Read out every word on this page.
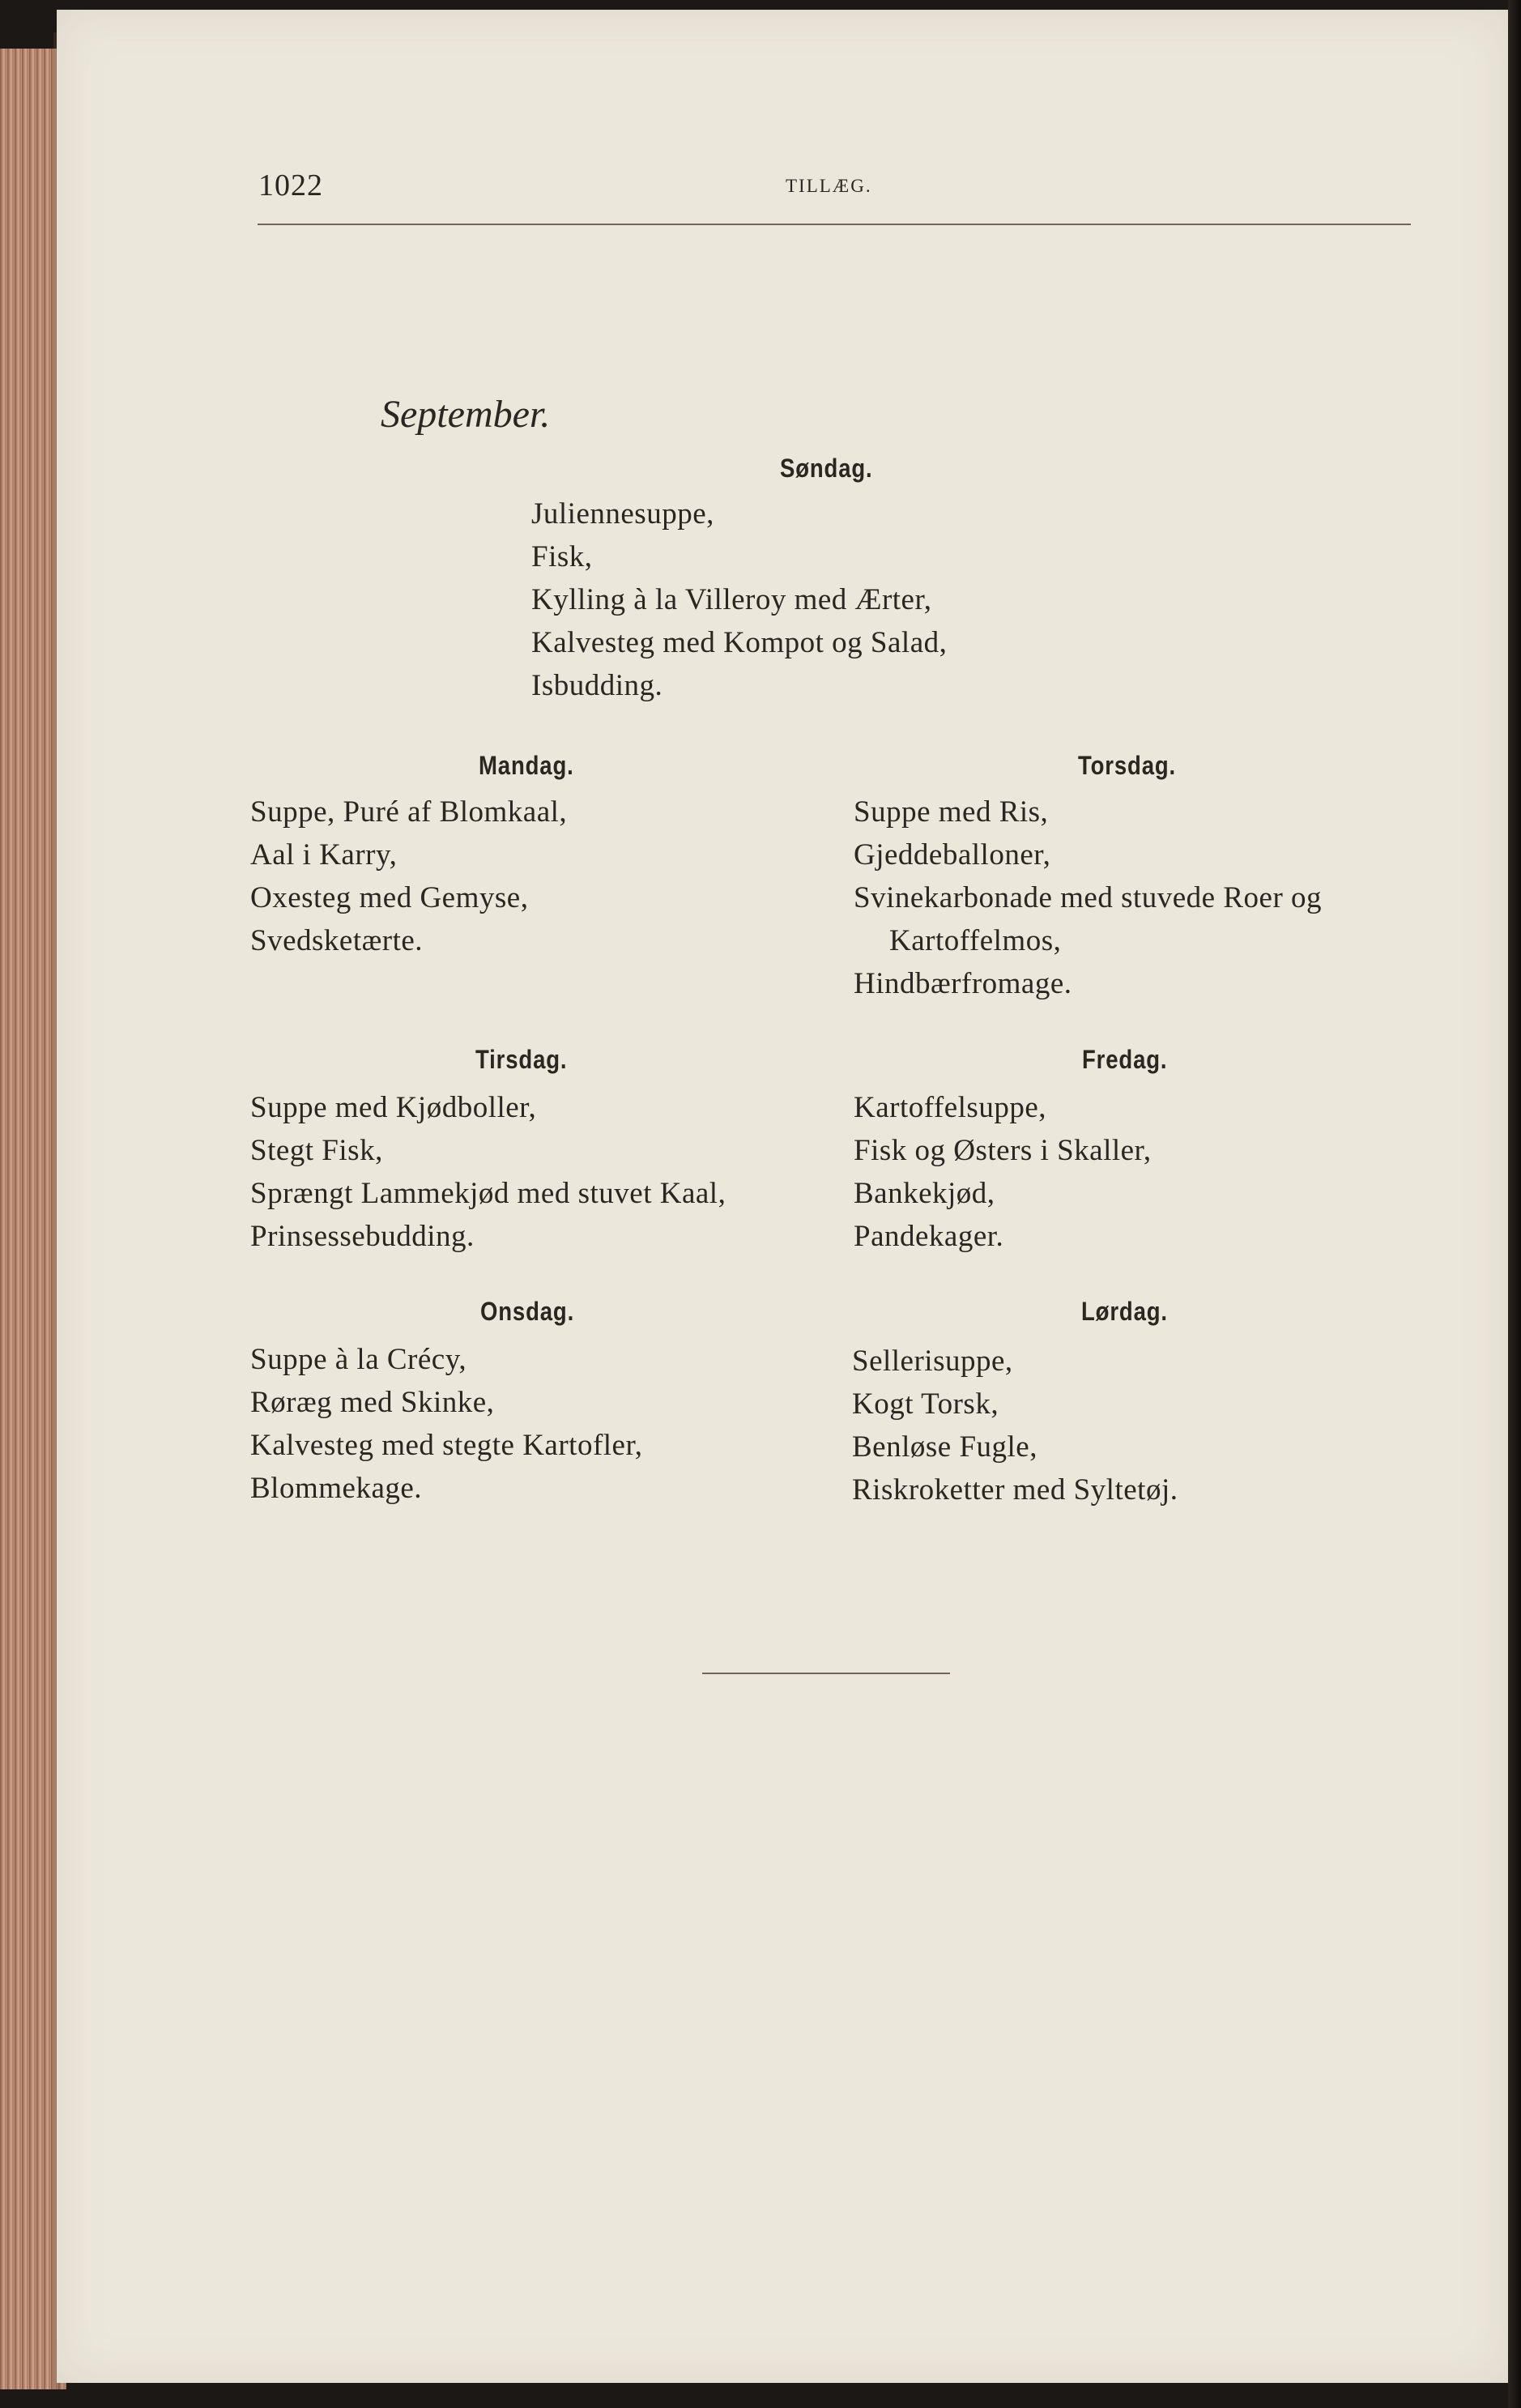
1022	TILLÆG.
September.
Søndag.
Juliennesuppe,
Fisk,
Kylling à la Villeroy med Ærter,
Kalvesteg med Kompot og Salad,
Isbudding.
Mandag.
Suppe, Puré af Blomkaal,
Aal i Karry,
Oxesteg med Gemyse,
Svedsketærte.
Torsdag.
Suppe med Ris,
Gjeddeballoner,
Svinekarbonade med stuvede Roer og
Kartoffelmos,
Hindbærfromage.
Tirsdag.
Suppe med Kjødboller,
Stegt Fisk,
Sprængt Lammekjød med stuvet Kaal,
Prinsessebudding.
Fredag.
Kartoffelsuppe,
Fisk og Østers i Skaller,
Bankekjød,
Pandekager.
Onsdag.
Suppe à la Crécy,
Røræg med Skinke,
Kalvesteg med stegte Kartofler,
Blommekage.
Lørdag.
Sellerisuppe,
Kogt Torsk,
Benløse Fugle,
Riskroketter med Syltetøj.
